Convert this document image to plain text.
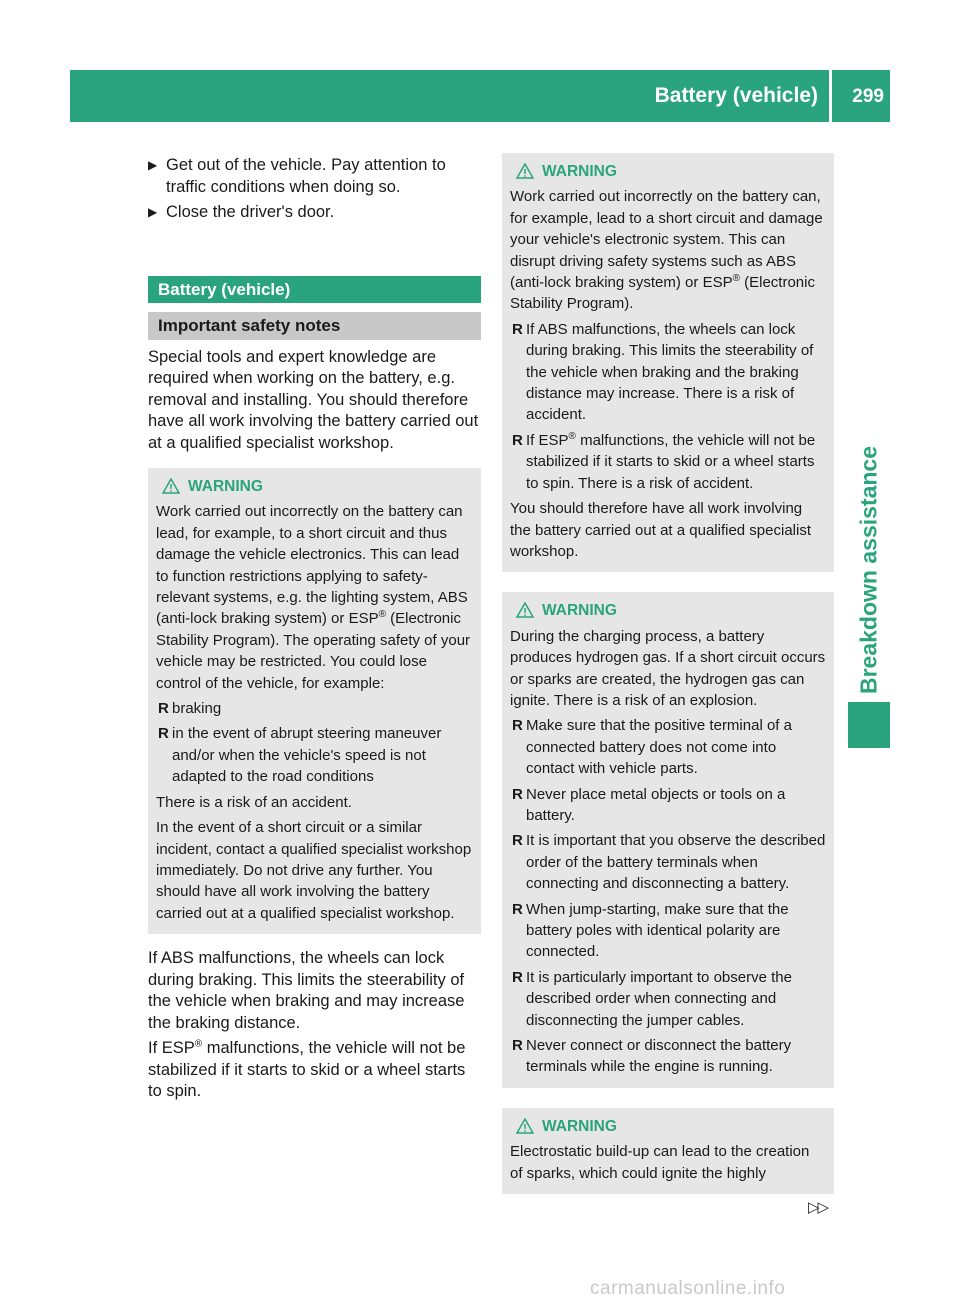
Battery (vehicle) 299
Breakdown assistance
▶ Get out of the vehicle. Pay attention to traffic conditions when doing so.
▶ Close the driver's door.
Battery (vehicle)
Important safety notes

Special tools and expert knowledge are required when working on the battery, e.g. removal and installing. You should therefore have all work involving the battery carried out at a qualified specialist workshop.

WARNING

Work carried out incorrectly on the battery can lead, for example, to a short circuit and thus damage the vehicle electronics. This can lead to function restrictions applying to safety-relevant systems, e.g. the lighting system, ABS (anti-lock braking system) or ESP® (Electronic Stability Program). The operating safety of your vehicle may be restricted. You could lose control of the vehicle, for example:

R braking
R in the event of abrupt steering maneuver and/or when the vehicle's speed is not adapted to the road conditions

There is a risk of an accident.

In the event of a short circuit or a similar incident, contact a qualified specialist workshop immediately. Do not drive any further. You should have all work involving the battery carried out at a qualified specialist workshop.

If ABS malfunctions, the wheels can lock during braking. This limits the steerability of the vehicle when braking and may increase the braking distance.

If ESP® malfunctions, the vehicle will not be stabilized if it starts to skid or a wheel starts to spin.

WARNING

Work carried out incorrectly on the battery can, for example, lead to a short circuit and damage your vehicle's electronic system. This can disrupt driving safety systems such as ABS (anti-lock braking system) or ESP® (Electronic Stability Program).

R If ABS malfunctions, the wheels can lock during braking. This limits the steerability of the vehicle when braking and the braking distance may increase. There is a risk of accident.
R If ESP® malfunctions, the vehicle will not be stabilized if it starts to skid or a wheel starts to spin. There is a risk of accident.

You should therefore have all work involving the battery carried out at a qualified specialist workshop.

WARNING

During the charging process, a battery produces hydrogen gas. If a short circuit occurs or sparks are created, the hydrogen gas can ignite. There is a risk of an explosion.

R Make sure that the positive terminal of a connected battery does not come into contact with vehicle parts.
R Never place metal objects or tools on a battery.
R It is important that you observe the described order of the battery terminals when connecting and disconnecting a battery.
R When jump-starting, make sure that the battery poles with identical polarity are connected.
R It is particularly important to observe the described order when connecting and disconnecting the jumper cables.
R Never connect or disconnect the battery terminals while the engine is running.
WARNING

Electrostatic build-up can lead to the creation of sparks, which could ignite the highly

▷▷
carmanualsonline.info
